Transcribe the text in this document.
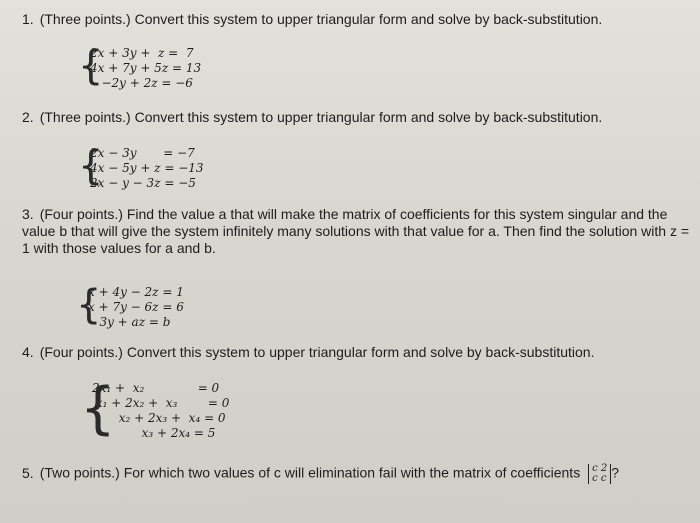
1. (Three points.) Convert this system to upper triangular form and solve by back-substitution.
{
2x + 3y +  z =  7
4x + 7y + 5z = 13
−2y + 2z = −6
2. (Three points.) Convert this system to upper triangular form and solve by back-substitution.
{
2x − 3y       = −7
4x − 5y + z = −13
2x − y − 3z = −5
3. (Four points.) Find the value a that will make the matrix of coefficients for this system singular and the value b that will give the system infinitely many solutions with that value for a. Then find the solution with z = 1 with those values for a and b.
{
x + 4y − 2z = 1
x + 7y − 6z = 6
3y + az = b
4. (Four points.) Convert this system to upper triangular form and solve by back-substitution.
{
2x₁ +  x₂              = 0
x₁ + 2x₂ +  x₃        = 0
x₂ + 2x₃ +  x₄ = 0
x₃ + 2x₄ = 5
5. (Two points.) For which two values of c will elimination fail with the matrix of coefficients c 2
c c ?
